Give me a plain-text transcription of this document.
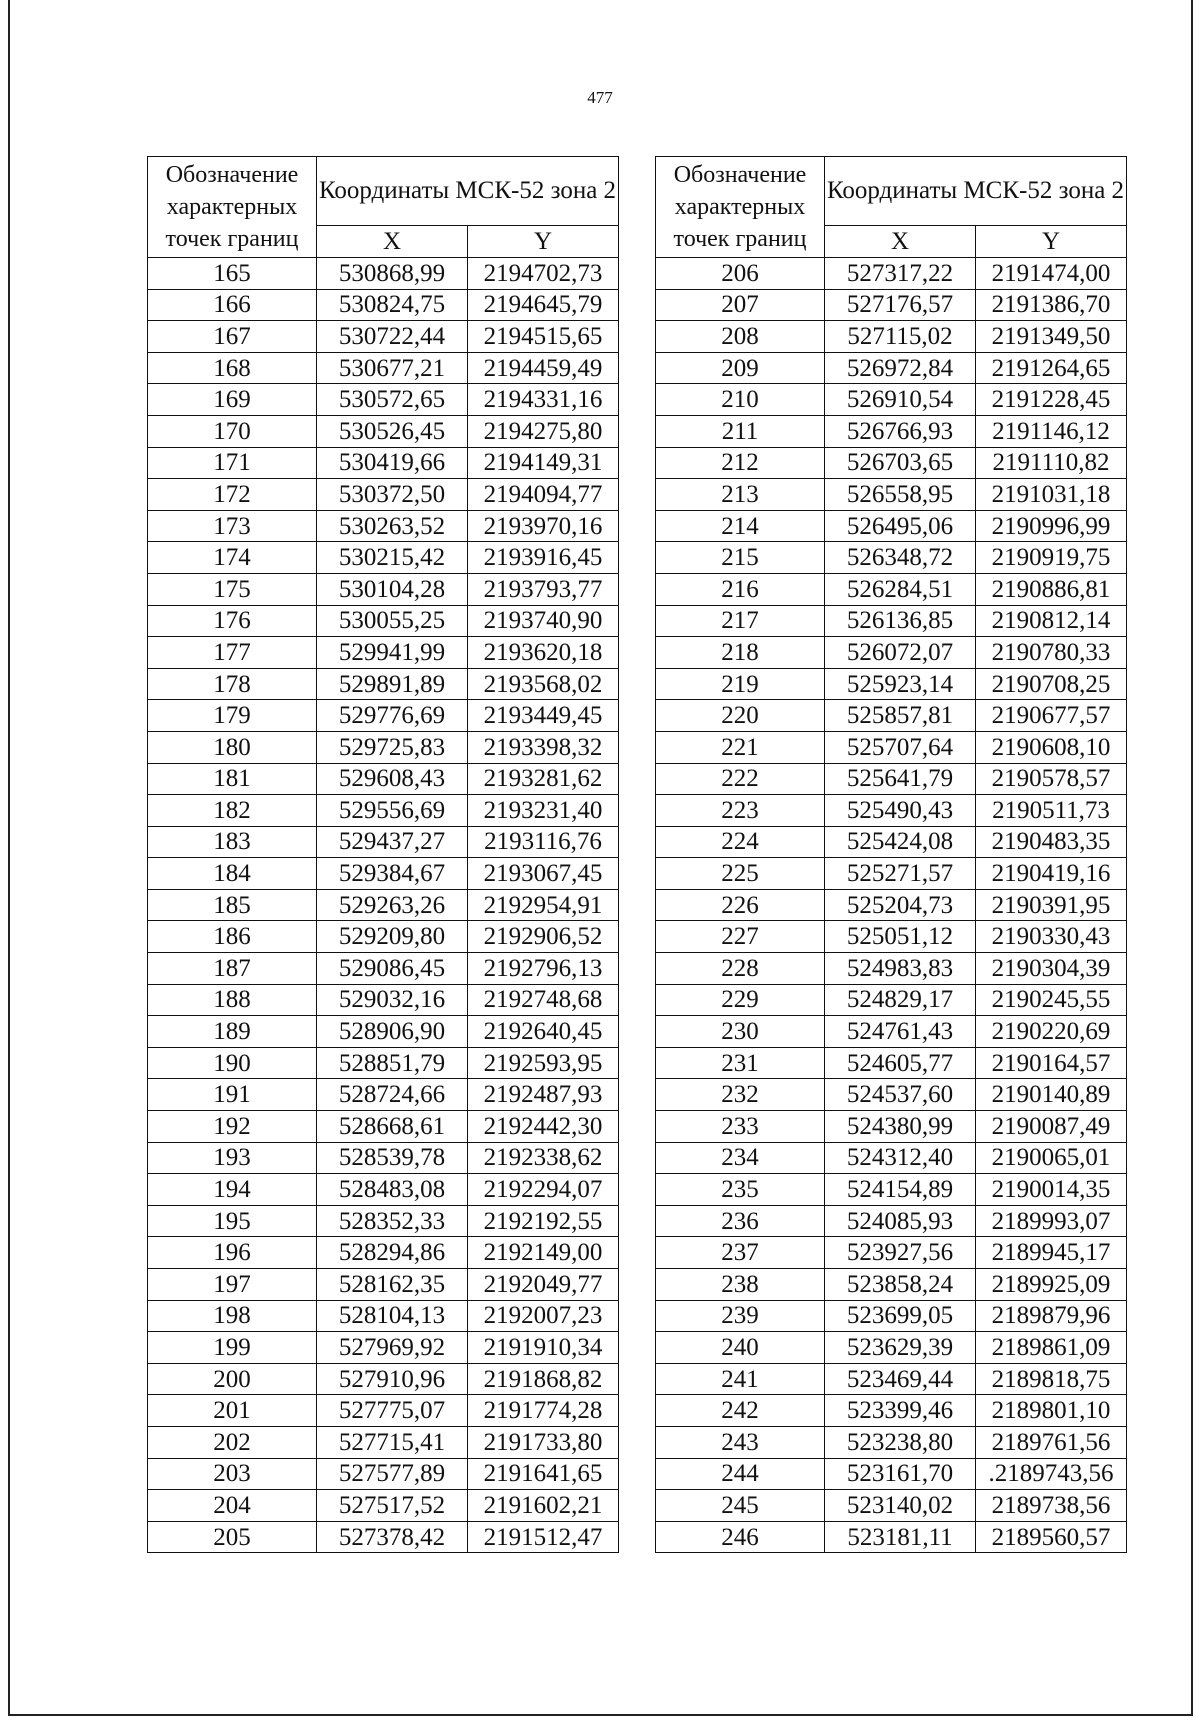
477
Обозначение характерных точек границ	Координаты МСК-52 зона 2	
	X	Y
165	530868,99	2194702,73
166	530824,75	2194645,79
167	530722,44	2194515,65
168	530677,21	2194459,49
169	530572,65	2194331,16
170	530526,45	2194275,80
171	530419,66	2194149,31
172	530372,50	2194094,77
173	530263,52	2193970,16
174	530215,42	2193916,45
175	530104,28	2193793,77
176	530055,25	2193740,90
177	529941,99	2193620,18
178	529891,89	2193568,02
179	529776,69	2193449,45
180	529725,83	2193398,32
181	529608,43	2193281,62
182	529556,69	2193231,40
183	529437,27	2193116,76
184	529384,67	2193067,45
185	529263,26	2192954,91
186	529209,80	2192906,52
187	529086,45	2192796,13
188	529032,16	2192748,68
189	528906,90	2192640,45
190	528851,79	2192593,95
191	528724,66	2192487,93
192	528668,61	2192442,30
193	528539,78	2192338,62
194	528483,08	2192294,07
195	528352,33	2192192,55
196	528294,86	2192149,00
197	528162,35	2192049,77
198	528104,13	2192007,23
199	527969,92	2191910,34
200	527910,96	2191868,82
201	527775,07	2191774,28
202	527715,41	2191733,80
203	527577,89	2191641,65
204	527517,52	2191602,21
205	527378,42	2191512,47
Обозначение характерных точек границ	Координаты МСК-52 зона 2	
	X	Y
206	527317,22	2191474,00
207	527176,57	2191386,70
208	527115,02	2191349,50
209	526972,84	2191264,65
210	526910,54	2191228,45
211	526766,93	2191146,12
212	526703,65	2191110,82
213	526558,95	2191031,18
214	526495,06	2190996,99
215	526348,72	2190919,75
216	526284,51	2190886,81
217	526136,85	2190812,14
218	526072,07	2190780,33
219	525923,14	2190708,25
220	525857,81	2190677,57
221	525707,64	2190608,10
222	525641,79	2190578,57
223	525490,43	2190511,73
224	525424,08	2190483,35
225	525271,57	2190419,16
226	525204,73	2190391,95
227	525051,12	2190330,43
228	524983,83	2190304,39
229	524829,17	2190245,55
230	524761,43	2190220,69
231	524605,77	2190164,57
232	524537,60	2190140,89
233	524380,99	2190087,49
234	524312,40	2190065,01
235	524154,89	2190014,35
236	524085,93	2189993,07
237	523927,56	2189945,17
238	523858,24	2189925,09
239	523699,05	2189879,96
240	523629,39	2189861,09
241	523469,44	2189818,75
242	523399,46	2189801,10
243	523238,80	2189761,56
244	523161,70	.2189743,56
245	523140,02	2189738,56
246	523181,11	2189560,57
